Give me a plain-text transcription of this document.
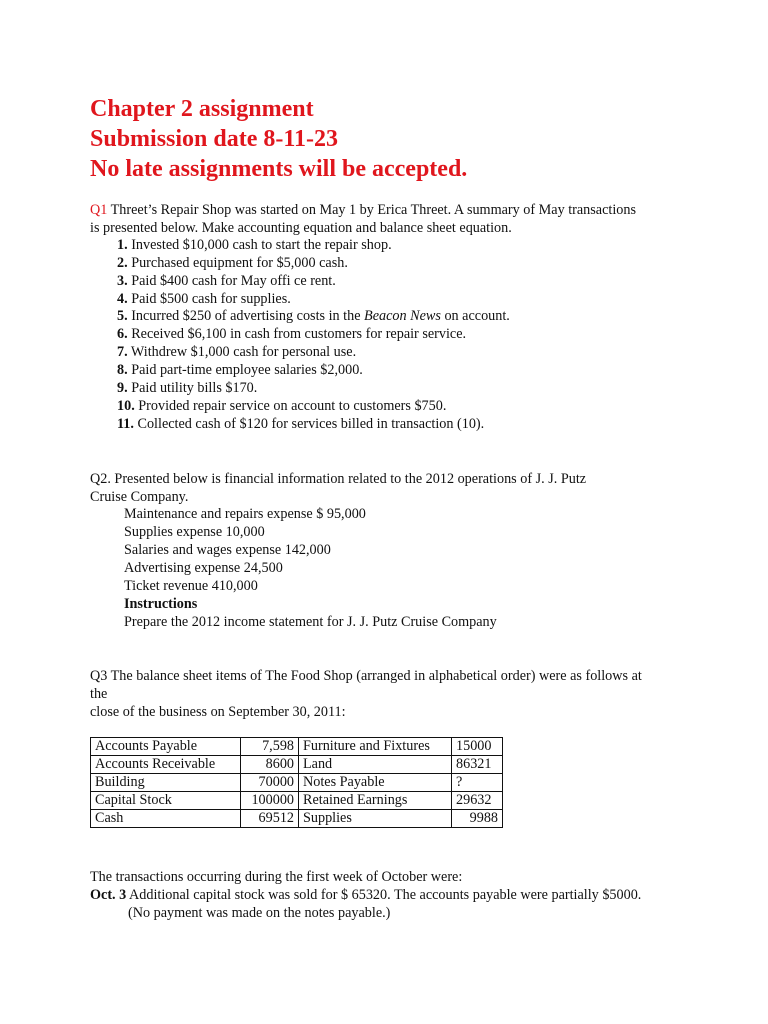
Chapter 2 assignment
Submission date 8-11-23
No late assignments will be accepted.
Q1 Threet’s Repair Shop was started on May 1 by Erica Threet. A summary of May transactions
is presented below. Make accounting equation and balance sheet equation.
1. Invested $10,000 cash to start the repair shop.
2. Purchased equipment for $5,000 cash.
3. Paid $400 cash for May offi ce rent.
4. Paid $500 cash for supplies.
5. Incurred $250 of advertising costs in the Beacon News on account.
6. Received $6,100 in cash from customers for repair service.
7. Withdrew $1,000 cash for personal use.
8. Paid part-time employee salaries $2,000.
9. Paid utility bills $170.
10. Provided repair service on account to customers $750.
11. Collected cash of $120 for services billed in transaction (10).
Q2. Presented below is financial information related to the 2012 operations of J. J. Putz
Cruise Company.
Maintenance and repairs expense $ 95,000
Supplies expense 10,000
Salaries and wages expense 142,000
Advertising expense 24,500
Ticket revenue 410,000
Instructions
Prepare the 2012 income statement for J. J. Putz Cruise Company
Q3 The balance sheet items of The Food Shop (arranged in alphabetical order) were as follows at
the
close of the business on September 30, 2011:
Accounts Payable	7,598	Furniture and Fixtures	15000
Accounts Receivable	8600	Land	86321
Building	70000	Notes Payable	?
Capital Stock	100000	Retained Earnings	29632
Cash	69512	Supplies	9988
The transactions occurring during the first week of October were:
Oct. 3 Additional capital stock was sold for $ 65320. The accounts payable were partially $5000.
(No payment was made on the notes payable.)
